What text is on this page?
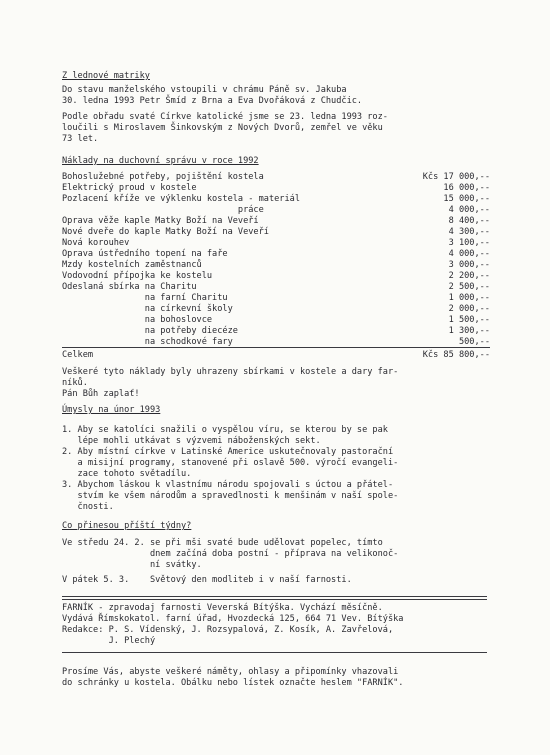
Z lednové matriky
Do stavu manželského vstoupili v chrámu Páně sv. Jakuba
30. ledna 1993 Petr Šmíd z Brna a Eva Dvořáková z Chudčic.
Podle obřadu svaté Církve katolické jsme se 23. ledna 1993 roz-
loučili s Miroslavem Šinkovským z Nových Dvorů, zemřel ve věku
73 let.
Náklady na duchovní správu v roce 1992
Bohoslužebné potřeby, pojištění kostela	Kčs 17 000,--
Elektrický proud v kostele	16 000,--
Pozlacení kříže ve výklenku kostela - materiál	15 000,--
práce	4 000,--
Oprava věže kaple Matky Boží na Veveří	8 400,--
Nové dveře do kaple Matky Boží na Veveří	4 300,--
Nová korouhev	3 100,--
Oprava ústředního topení na faře	4 000,--
Mzdy kostelních zaměstnanců	3 000,--
Vodovodní přípojka ke kostelu	2 200,--
Odeslaná sbírka na Charitu	2 500,--
na farní Charitu	1 000,--
na církevní školy	2 000,--
na bohoslovce	1 500,--
na potřeby diecéze	1 300,--
na schodkové fary	500,--
Celkem	Kčs 85 800,--
Veškeré tyto náklady byly uhrazeny sbírkami v kostele a dary far-
níků.
Pán Bůh zaplať!
Úmysly na únor 1993
1. Aby se katolíci snažili o vyspělou víru, se kterou by se pak
lépe mohli utkávat s výzvemi náboženských sekt.
2. Aby místní církve v Latinské Americe uskutečnovaly pastorační
a misijní programy, stanovené při oslavě 500. výročí evangeli-
zace tohoto světadílu.
3. Abychom láskou k vlastnímu národu spojovali s úctou a přátel-
stvím ke všem národům a spravedlnosti k menšinám v naší spole-
čnosti.
Co přinesou příští týdny?
Ve středu 24. 2. se při mši svaté bude udělovat popelec, tímto
dnem začíná doba postní - příprava na velikonoč-
ní svátky.
V pátek 5. 3.    Světový den modliteb i v naší farnosti.
FARNÍK - zpravodaj farnosti Veverská Bítýška. Vychází měsíčně.
Vydává Římskokatol. farní úřad, Hvozdecká 125, 664 71 Vev. Bítýška
Redakce: P. S. Vídenský, J. Rozsypalová, Z. Kosík, A. Zavřelová,
J. Plechý
Prosíme Vás, abyste veškeré náměty, ohlasy a připomínky vhazovali
do schránky u kostela. Obálku nebo lístek označte heslem "FARNÍK".
